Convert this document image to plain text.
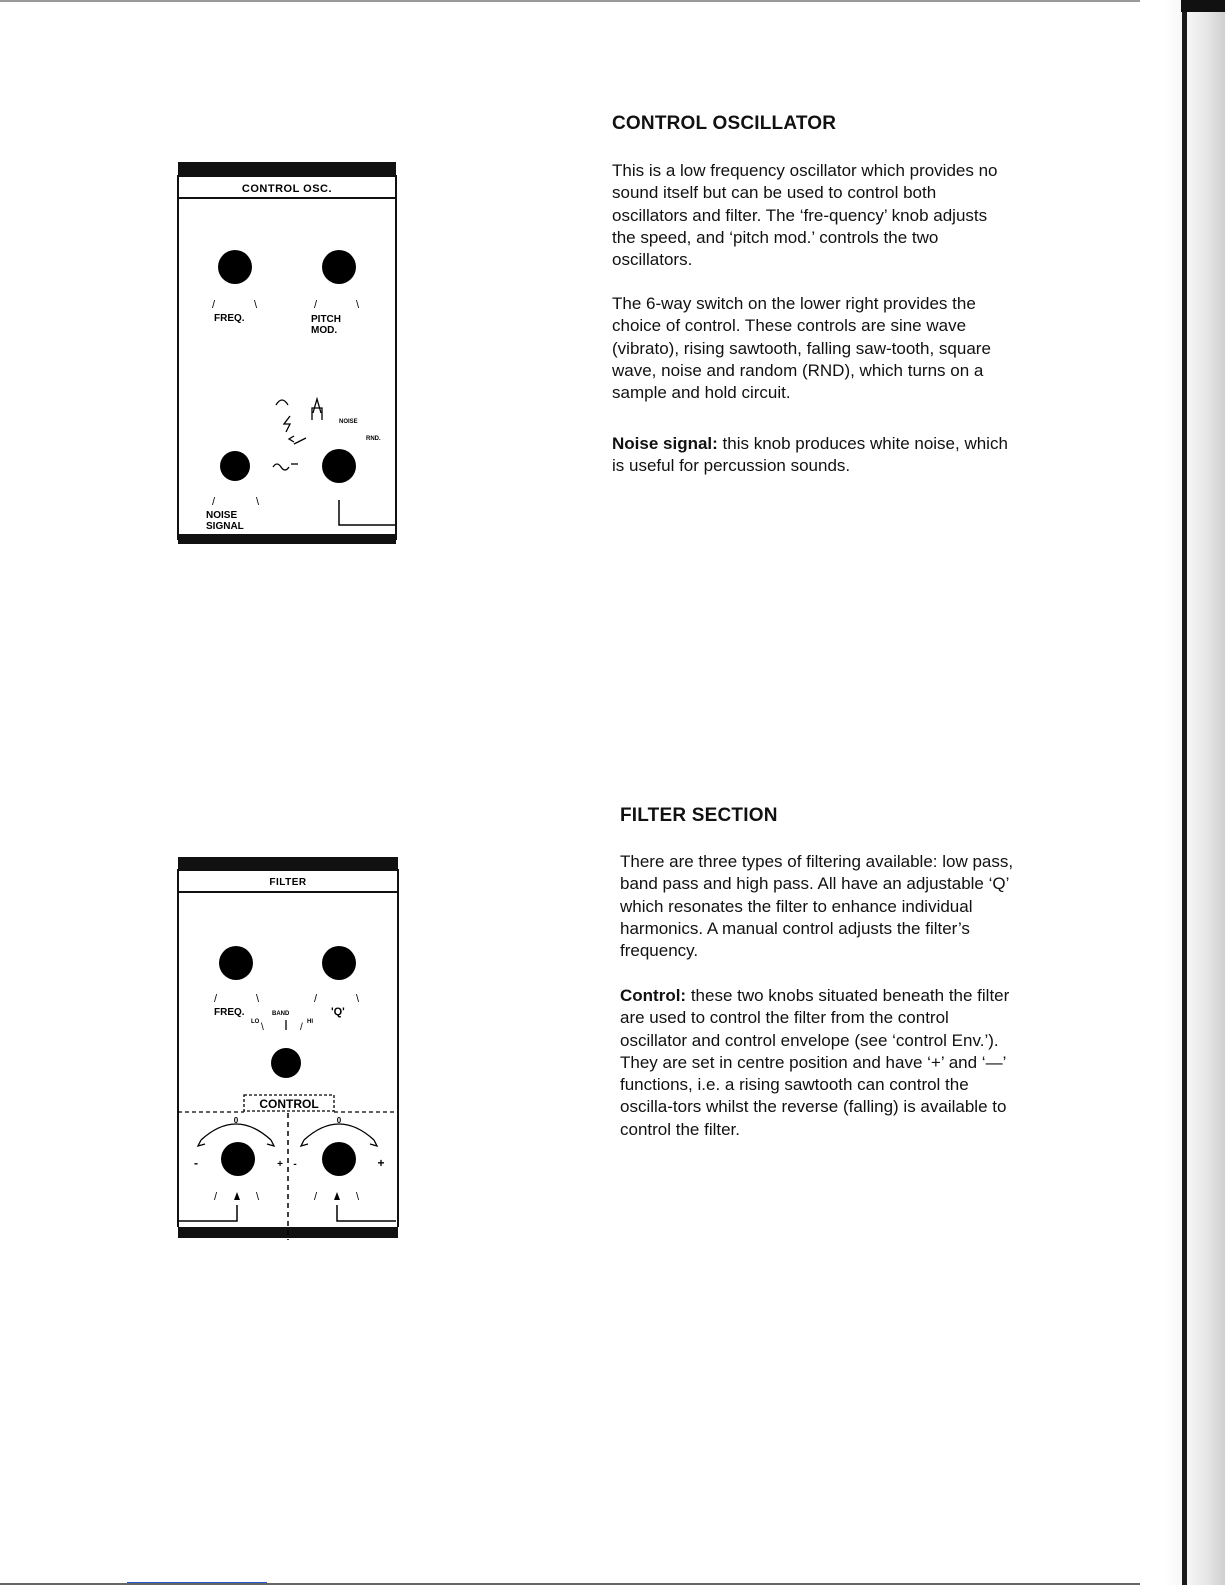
CONTROL OSC.
/	\	/	\
FREQ.	PITCH
MOD.
NOISE
RND.
/	\
NOISE
SIGNAL
CONTROL OSCILLATOR

This is a low frequency oscillator which provides no sound itself but can be used to control both oscillators and filter. The ‘fre-quency’ knob adjusts the speed, and ‘pitch mod.’ controls the two oscillators.

The 6-way switch on the lower right provides the choice of control. These controls are sine wave (vibrato), rising sawtooth, falling saw-tooth, square wave, noise and random (RND), which turns on a sample and hold circuit.

Noise signal: this knob produces white noise, which is useful for percussion sounds.

FILTER
/	\	/	\
FREQ.	BAND	'Q'
LO \	/ HI
CONTROL
0
-	+
0
-	+
/	\	/	\
FILTER SECTION

There are three types of filtering available: low pass, band pass and high pass. All have an adjustable ‘Q’ which resonates the filter to enhance individual harmonics. A manual control adjusts the filter’s frequency.

Control: these two knobs situated beneath the filter are used to control the filter from the control oscillator and control envelope (see ‘control Env.’). They are set in centre position and have ‘+’ and ‘—’ functions, i.e. a rising sawtooth can control the oscilla-tors whilst the reverse (falling) is available to control the filter.
